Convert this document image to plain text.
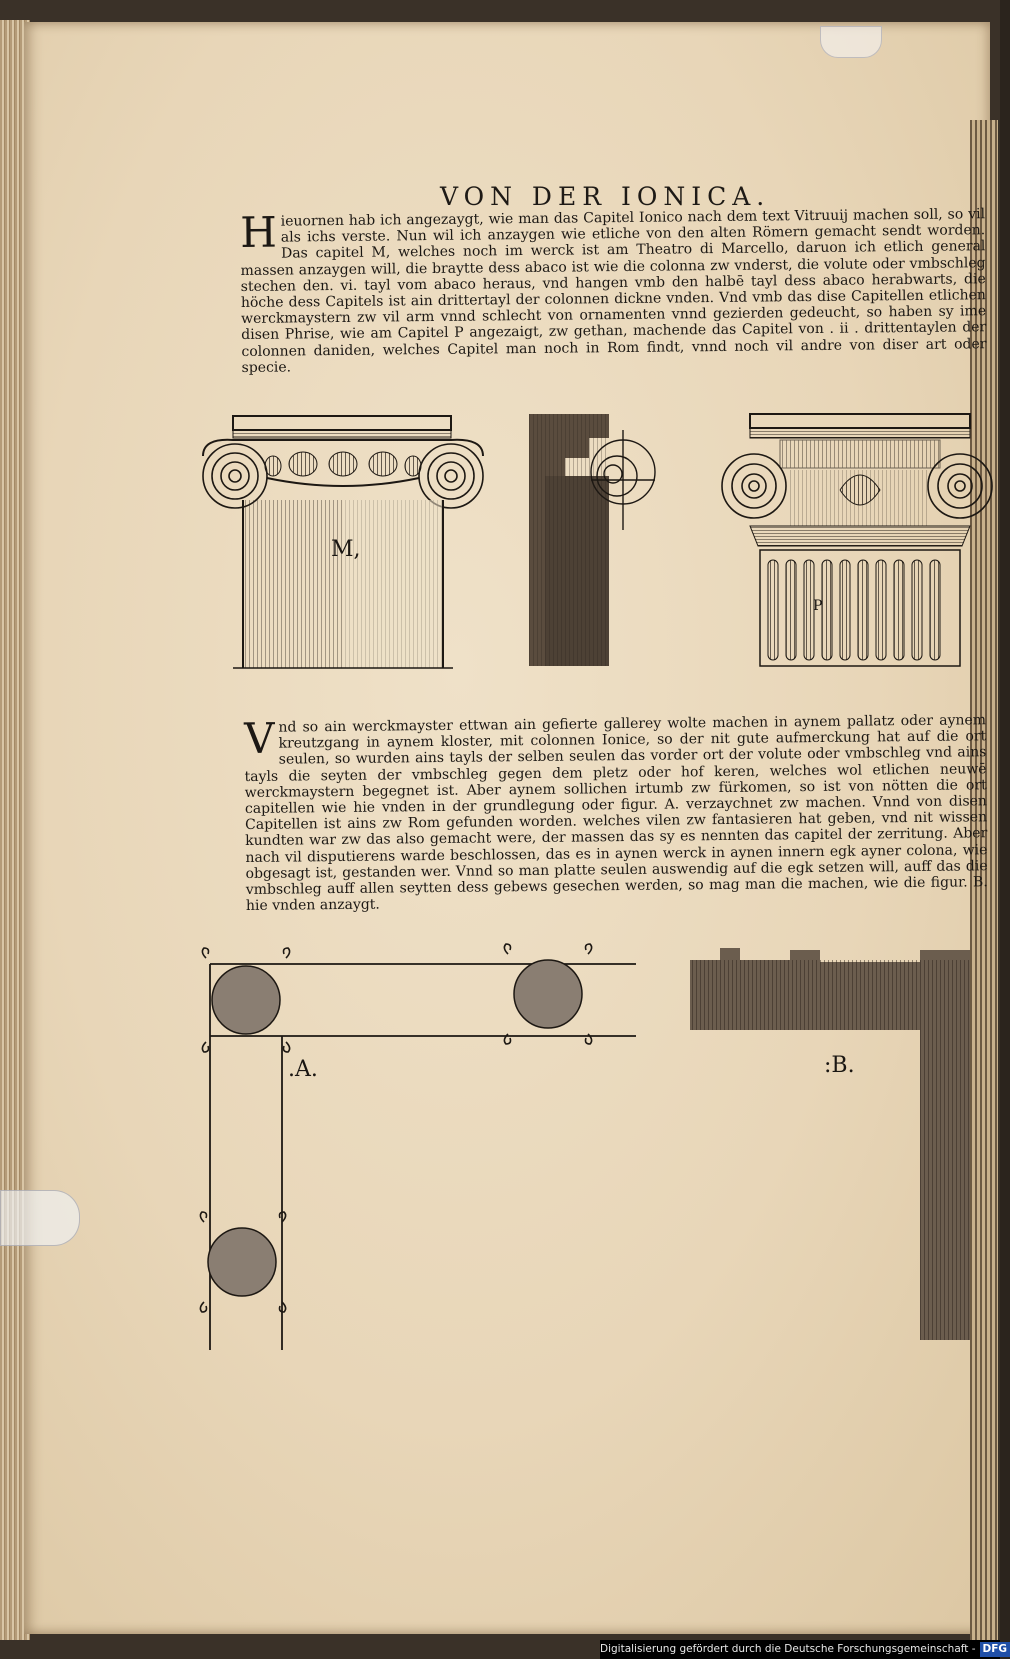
VON DER IONICA.
H ieuornen hab ich angezaygt, wie man das Capitel Ionico nach dem text Vitruuij machen soll, so vil als ichs verste. Nun wil ich anzaygen wie etliche von den alten Römern gemacht sendt worden. Das capitel M, welches noch im werck ist am Theatro di Marcello, daruon ich etlich general massen anzaygen will, die braytte dess abaco ist wie die colonna zw vnderst, die volute oder vmbschleg stechen den. vi. tayl vom abaco heraus, vnd hangen vmb den halbē tayl dess abaco herabwarts, die höche dess Capitels ist ain drittertayl der colonnen dickne vnden. Vnd vmb das dise Capitellen etlichen werckmaystern zw vil arm vnnd schlecht von ornamenten vnnd gezierden gedeucht, so haben sy ime disen Phrise, wie am Capitel P angezaigt, zw gethan, machende das Capitel von . ii . drittentaylen der colonnen daniden, welches Capitel man noch in Rom findt, vnnd noch vil andre von diser art oder specie.

M,
P
V nd so ain werckmayster ettwan ain gefierte gallerey wolte machen in aynem pallatz oder aynem kreutzgang in aynem kloster, mit colonnen Ionice, so der nit gute aufmerckung hat auf die ort seulen, so wurden ains tayls der selben seulen das vorder ort der volute oder vmbschleg vnd ains tayls die seyten der vmbschleg gegen dem pletz oder hof keren, welches wol etlichen neuwē werckmaystern begegnet ist. Aber aynem sollichen irtumb zw fürkomen, so ist von nötten die ort capitellen wie hie vnden in der grundlegung oder figur. A. verzaychnet zw machen. Vnnd von disen Capitellen ist ains zw Rom gefunden worden. welches vilen zw fantasieren hat geben, vnd nit wissen kundten war zw das also gemacht were, der massen das sy es nennten das capitel der zerritung. Aber nach vil disputierens warde beschlossen, das es in aynen werck in aynen innern egk ayner colona, wie obgesagt ist, gestanden wer. Vnnd so man platte seulen auswendig auf die egk setzen will, auff das die vmbschleg auff allen seytten dess gebews gesechen werden, so mag man die machen, wie die figur. B. hie vnden anzaygt.

.A.	:B.
Digitalisierung gefördert durch die Deutsche Forschungsgemeinschaft - DFG
